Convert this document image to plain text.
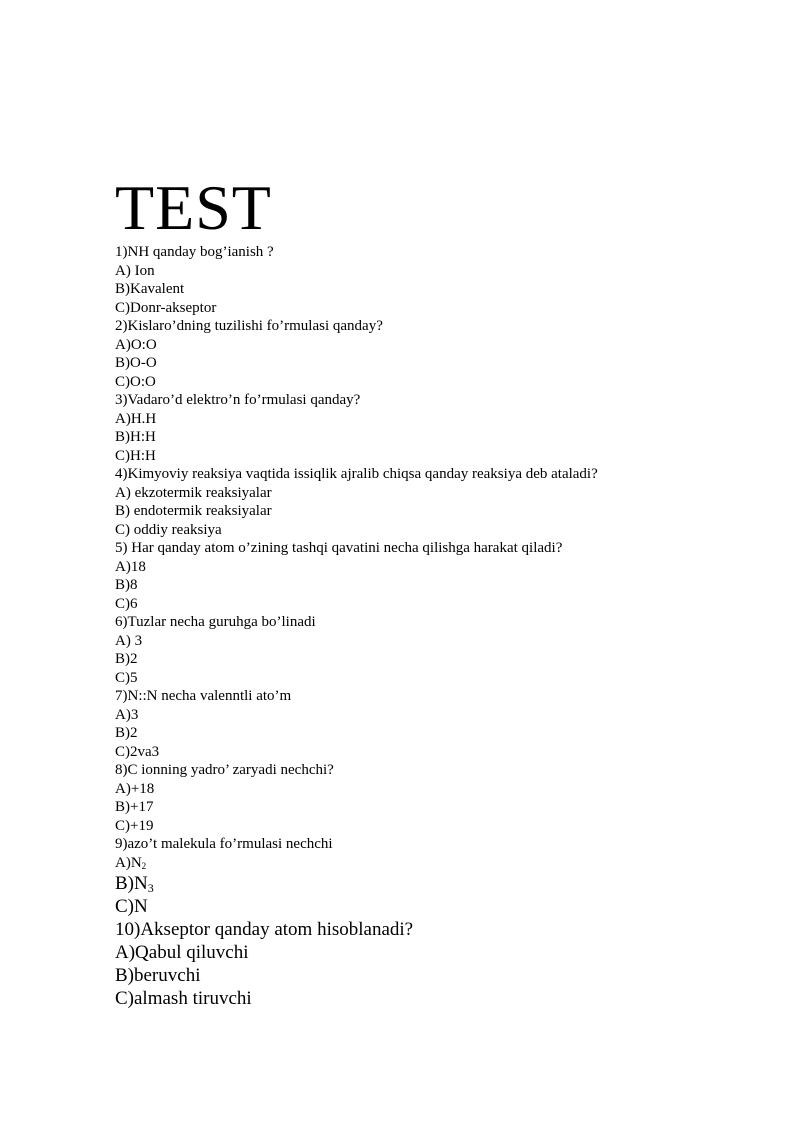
TEST
1)NH qanday bog’ianish ?
A) Ion
B)Kavalent
C)Donr-akseptor
2)Kislaro’dning tuzilishi fo’rmulasi qanday?
A)O:O
B)O-O
C)O:O
3)Vadaro’d elektro’n fo’rmulasi qanday?
A)H.H
B)H:H
C)H:H
4)Kimyoviy reaksiya vaqtida issiqlik ajralib chiqsa qanday reaksiya deb ataladi?
A) ekzotermik reaksiyalar
B) endotermik reaksiyalar
C) oddiy reaksiya
5) Har qanday atom o’zining tashqi qavatini necha qilishga harakat qiladi?
A)18
B)8
C)6
6)Tuzlar necha guruhga bo’linadi
A) 3
B)2
C)5
7)N::N necha valenntli ato’m
A)3
B)2
C)2va3
8)C ionning yadro’ zaryadi nechchi?
A)+18
B)+17
C)+19
9)azo’t malekula fo’rmulasi nechchi
$A)N_2$
$B)N_3$
C)N
10)Akseptor qanday atom hisoblanadi?
A)Qabul qiluvchi
B)beruvchi
C)almash tiruvchi
